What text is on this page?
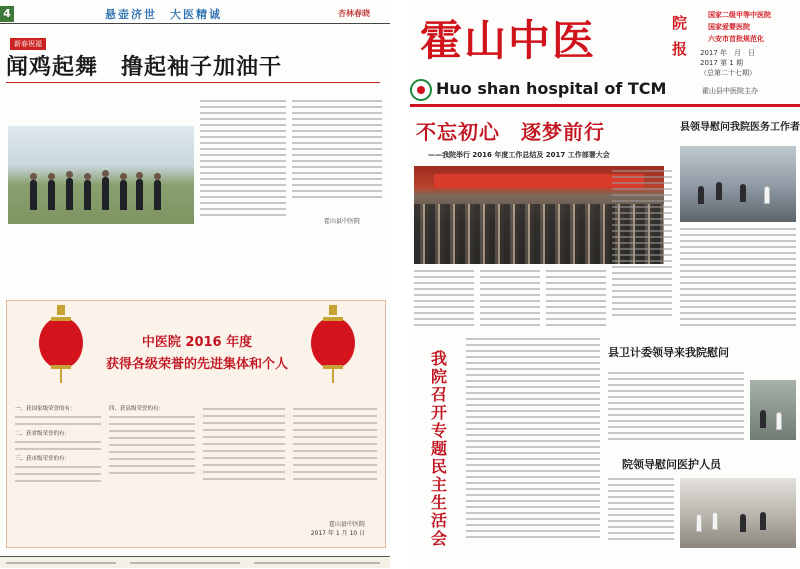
4	悬壶济世　大医精诚	杏林春晓
新春祝福
闻鸡起舞　撸起袖子加油干
霍山县中医院
中医院 2016 年度
获得各级荣誉的先进集体和个人
一、获国家级荣誉的有：
二、获省级荣誉的有：
三、获市级荣誉的有：
四、获县级荣誉的有：
霍山县中医院
2017 年 1 月 10 日
霍山中医	院
报
国家二级甲等中医院
国家爱婴医院
六安市首批规范化
2017 年　月　日
2017 第 1 期 （总第二十七期）
Huo shan hospital of TCM	霍山县中医院主办
不忘初心　逐梦前行
——我院举行 2016 年度工作总结及 2017 工作部署大会
我院召开专题民主生活会
县领导慰问我院医务工作者
县卫计委领导来我院慰问
院领导慰问医护人员
